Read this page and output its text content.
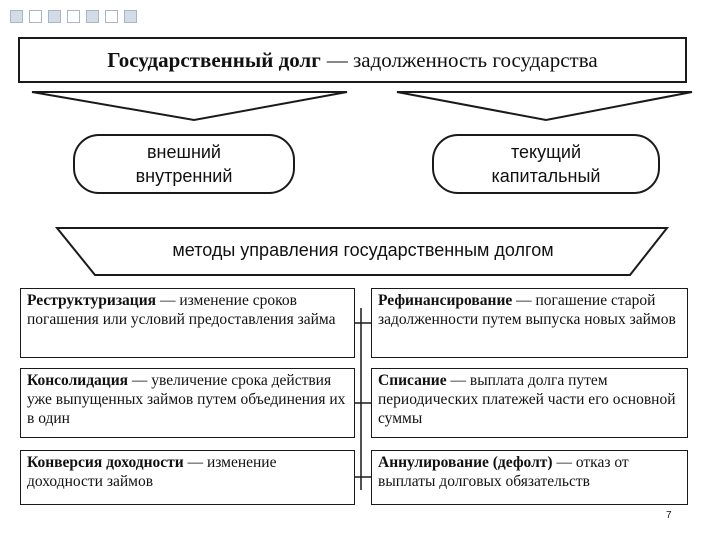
Государственный долг — задолженность государства
внешний
внутренний
текущий
капитальный
методы управления государственным долгом
Реструктуризация — изменение сроков погашения или условий предоставления займа
Рефинансирование — погашение старой задолженности путем выпуска новых займов
Консолидация — увеличение срока действия уже выпущенных займов путем объединения их в один
Списание — выплата долга путем периодических платежей части его основной суммы
Конверсия доходности — изменение доходности займов
Аннулирование (дефолт) — отказ от выплаты долговых обязательств
7
